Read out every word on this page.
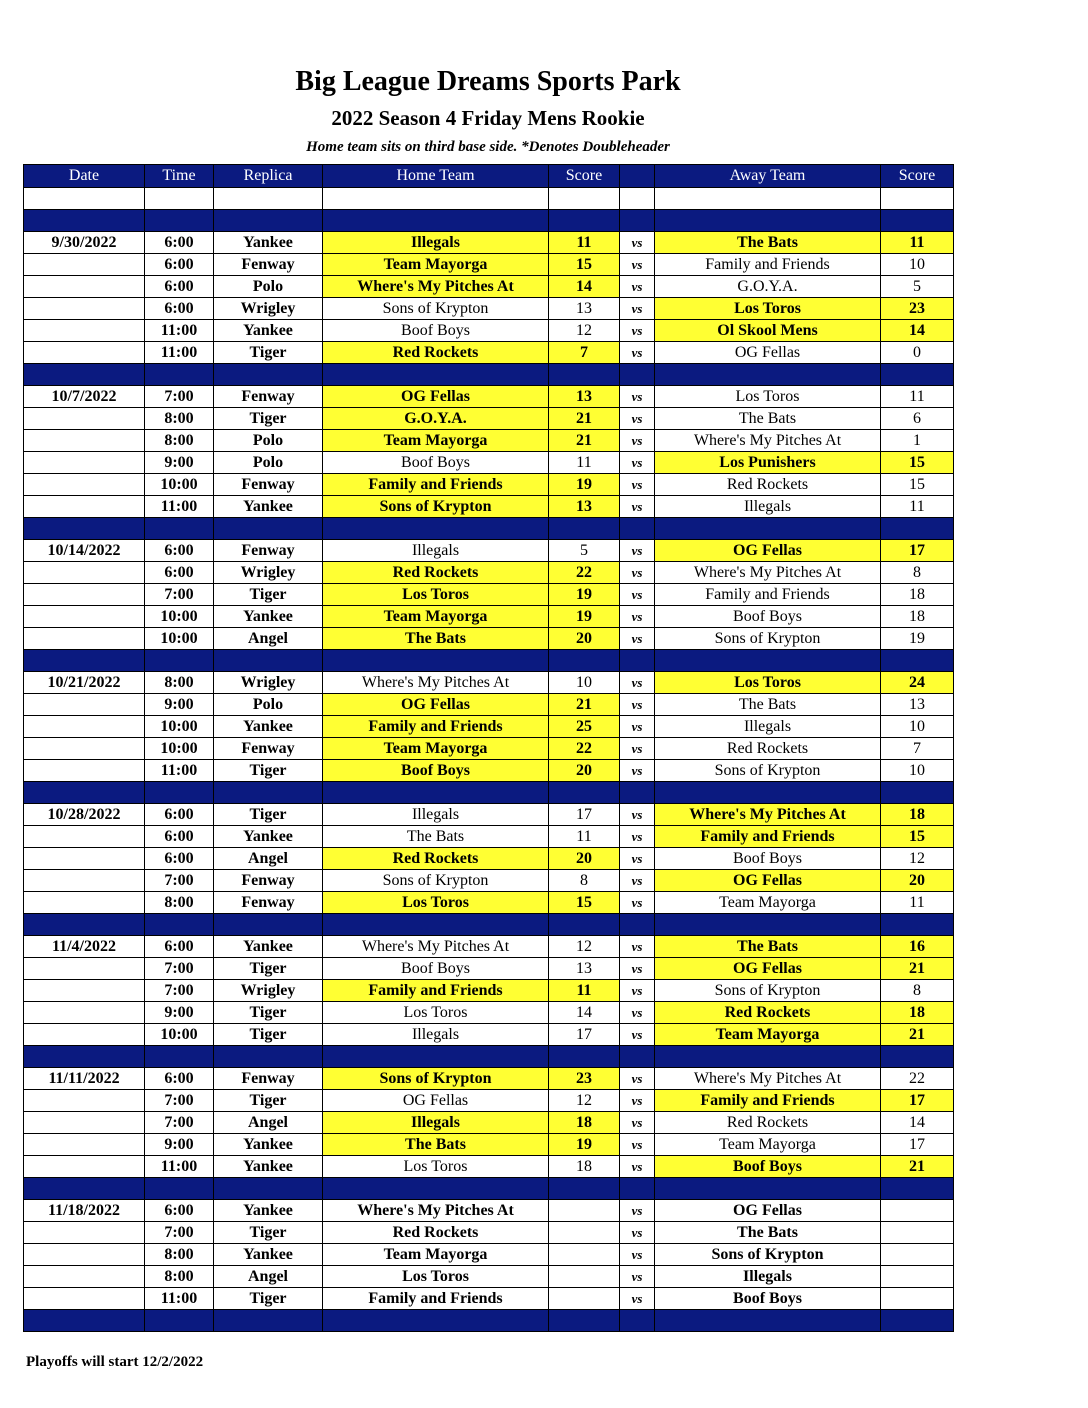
Big League Dreams Sports Park
2022 Season 4 Friday Mens Rookie
Home team sits on third base side. *Denotes Doubleheader
Date	Time	Replica	Home Team	Score		Away Team	Score

9/30/2022	6:00	Yankee	Illegals	11	vs	The Bats	11
	6:00	Fenway	Team Mayorga	15	vs	Family and Friends	10
	6:00	Polo	Where's My Pitches At	14	vs	G.O.Y.A.	5
	6:00	Wrigley	Sons of Krypton	13	vs	Los Toros	23
	11:00	Yankee	Boof Boys	12	vs	Ol Skool Mens	14
	11:00	Tiger	Red Rockets	7	vs	OG Fellas	0

10/7/2022	7:00	Fenway	OG Fellas	13	vs	Los Toros	11
	8:00	Tiger	G.O.Y.A.	21	vs	The Bats	6
	8:00	Polo	Team Mayorga	21	vs	Where's My Pitches At	1
	9:00	Polo	Boof Boys	11	vs	Los Punishers	15
	10:00	Fenway	Family and Friends	19	vs	Red Rockets	15
	11:00	Yankee	Sons of Krypton	13	vs	Illegals	11

10/14/2022	6:00	Fenway	Illegals	5	vs	OG Fellas	17
	6:00	Wrigley	Red Rockets	22	vs	Where's My Pitches At	8
	7:00	Tiger	Los Toros	19	vs	Family and Friends	18
	10:00	Yankee	Team Mayorga	19	vs	Boof Boys	18
	10:00	Angel	The Bats	20	vs	Sons of Krypton	19

10/21/2022	8:00	Wrigley	Where's My Pitches At	10	vs	Los Toros	24
	9:00	Polo	OG Fellas	21	vs	The Bats	13
	10:00	Yankee	Family and Friends	25	vs	Illegals	10
	10:00	Fenway	Team Mayorga	22	vs	Red Rockets	7
	11:00	Tiger	Boof Boys	20	vs	Sons of Krypton	10

10/28/2022	6:00	Tiger	Illegals	17	vs	Where's My Pitches At	18
	6:00	Yankee	The Bats	11	vs	Family and Friends	15
	6:00	Angel	Red Rockets	20	vs	Boof Boys	12
	7:00	Fenway	Sons of Krypton	8	vs	OG Fellas	20
	8:00	Fenway	Los Toros	15	vs	Team Mayorga	11

11/4/2022	6:00	Yankee	Where's My Pitches At	12	vs	The Bats	16
	7:00	Tiger	Boof Boys	13	vs	OG Fellas	21
	7:00	Wrigley	Family and Friends	11	vs	Sons of Krypton	8
	9:00	Tiger	Los Toros	14	vs	Red Rockets	18
	10:00	Tiger	Illegals	17	vs	Team Mayorga	21

11/11/2022	6:00	Fenway	Sons of Krypton	23	vs	Where's My Pitches At	22
	7:00	Tiger	OG Fellas	12	vs	Family and Friends	17
	7:00	Angel	Illegals	18	vs	Red Rockets	14
	9:00	Yankee	The Bats	19	vs	Team Mayorga	17
	11:00	Yankee	Los Toros	18	vs	Boof Boys	21

11/18/2022	6:00	Yankee	Where's My Pitches At		vs	OG Fellas	
	7:00	Tiger	Red Rockets		vs	The Bats	
	8:00	Yankee	Team Mayorga		vs	Sons of Krypton	
	8:00	Angel	Los Toros		vs	Illegals	
	11:00	Tiger	Family and Friends		vs	Boof Boys	

Playoffs will start 12/2/2022
